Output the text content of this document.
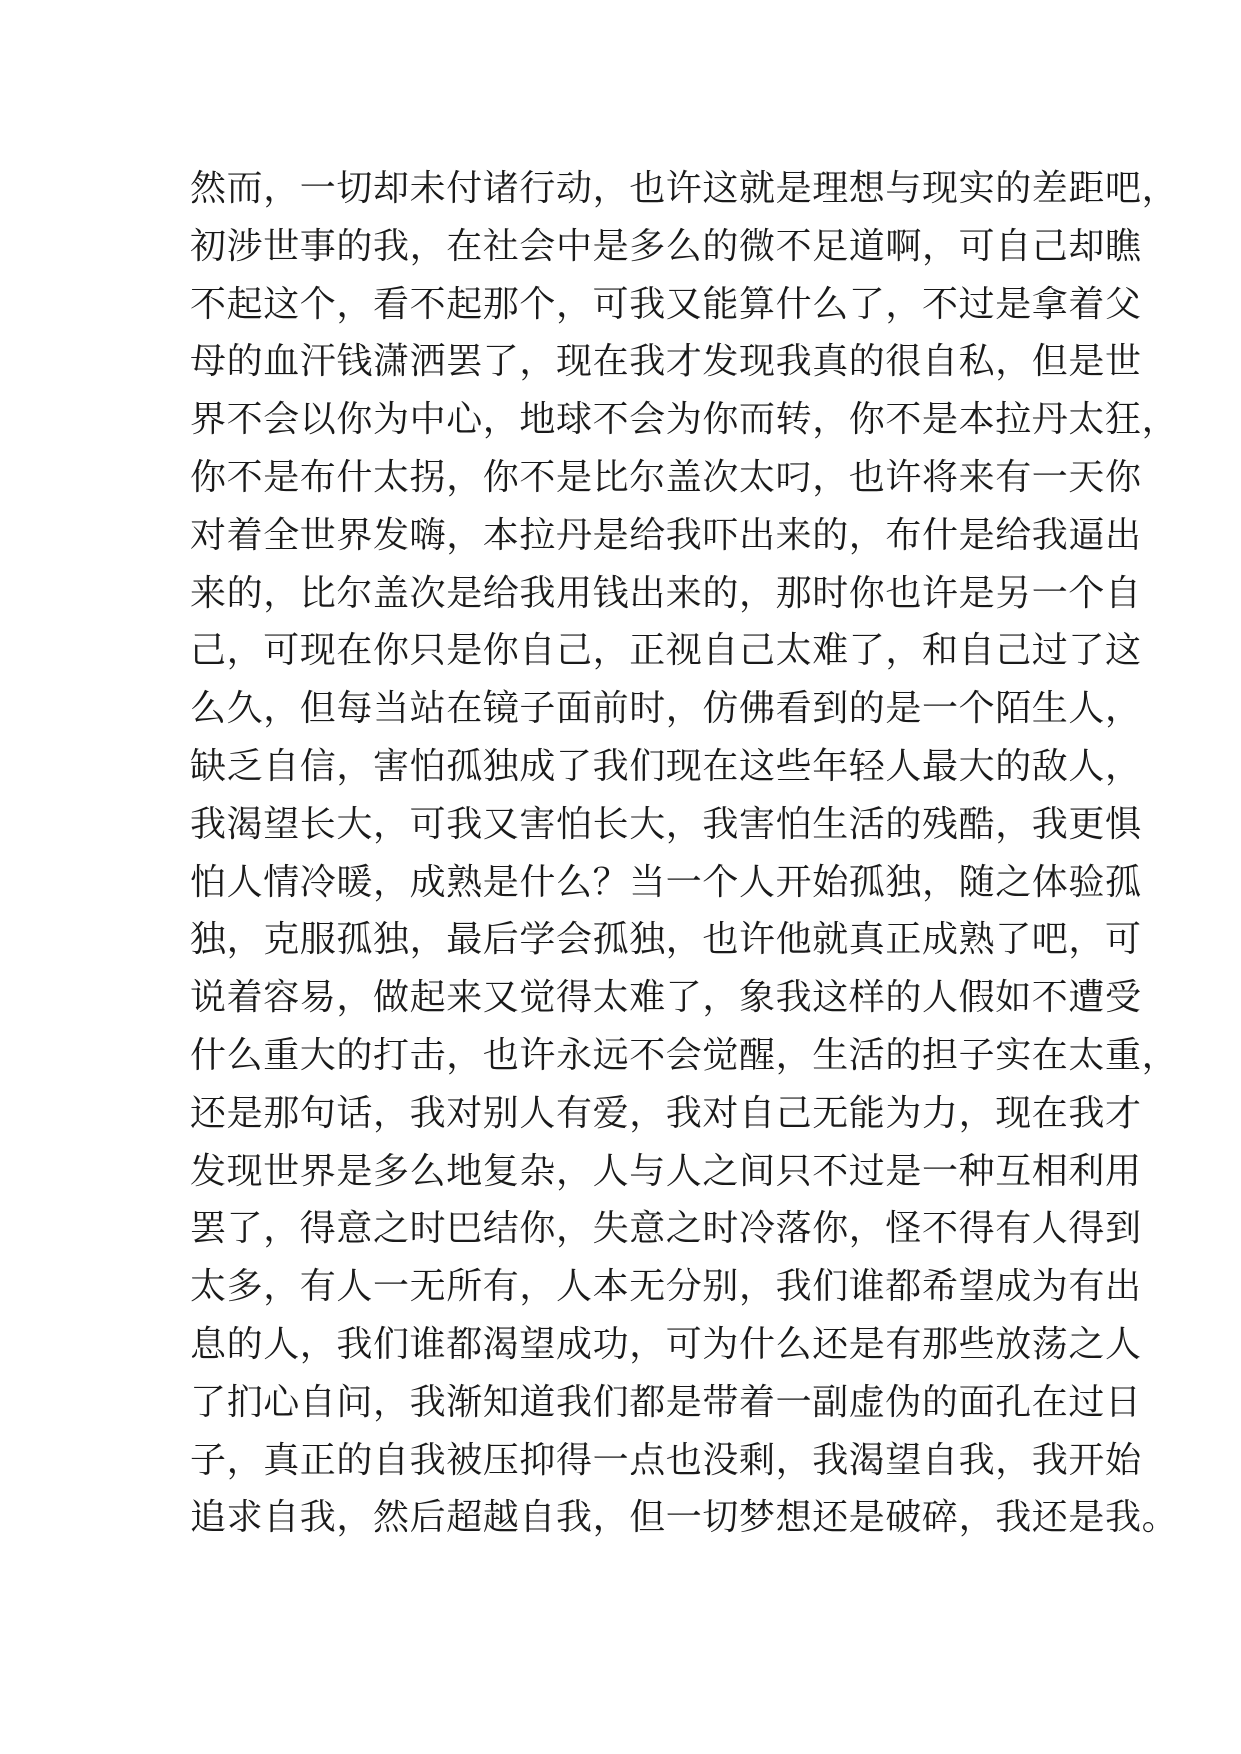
然而，一切却未付诸行动，也许这就是理想与现实的差距吧，
初涉世事的我，在社会中是多么的微不足道啊，可自己却瞧
不起这个，看不起那个，可我又能算什么了，不过是拿着父
母的血汗钱潇洒罢了，现在我才发现我真的很自私，但是世
界不会以你为中心，地球不会为你而转，你不是本拉丹太狂，
你不是布什太拐，你不是比尔盖次太叼，也许将来有一天你
对着全世界发嗨，本拉丹是给我吓出来的，布什是给我逼出
来的，比尔盖次是给我用钱出来的，那时你也许是另一个自
己，可现在你只是你自己，正视自己太难了，和自己过了这
么久，但每当站在镜子面前时，仿佛看到的是一个陌生人，
缺乏自信，害怕孤独成了我们现在这些年轻人最大的敌人，
我渴望长大，可我又害怕长大，我害怕生活的残酷，我更惧
怕人情冷暖，成熟是什么？当一个人开始孤独，随之体验孤
独，克服孤独，最后学会孤独，也许他就真正成熟了吧，可
说着容易，做起来又觉得太难了，象我这样的人假如不遭受
什么重大的打击，也许永远不会觉醒，生活的担子实在太重，
还是那句话，我对别人有爱，我对自己无能为力，现在我才
发现世界是多么地复杂，人与人之间只不过是一种互相利用
罢了，得意之时巴结你，失意之时冷落你，怪不得有人得到
太多，有人一无所有，人本无分别，我们谁都希望成为有出
息的人，我们谁都渴望成功，可为什么还是有那些放荡之人
了扪心自问，我渐知道我们都是带着一副虚伪的面孔在过日
子，真正的自我被压抑得一点也没剩，我渴望自我，我开始
追求自我，然后超越自我，但一切梦想还是破碎，我还是我。
